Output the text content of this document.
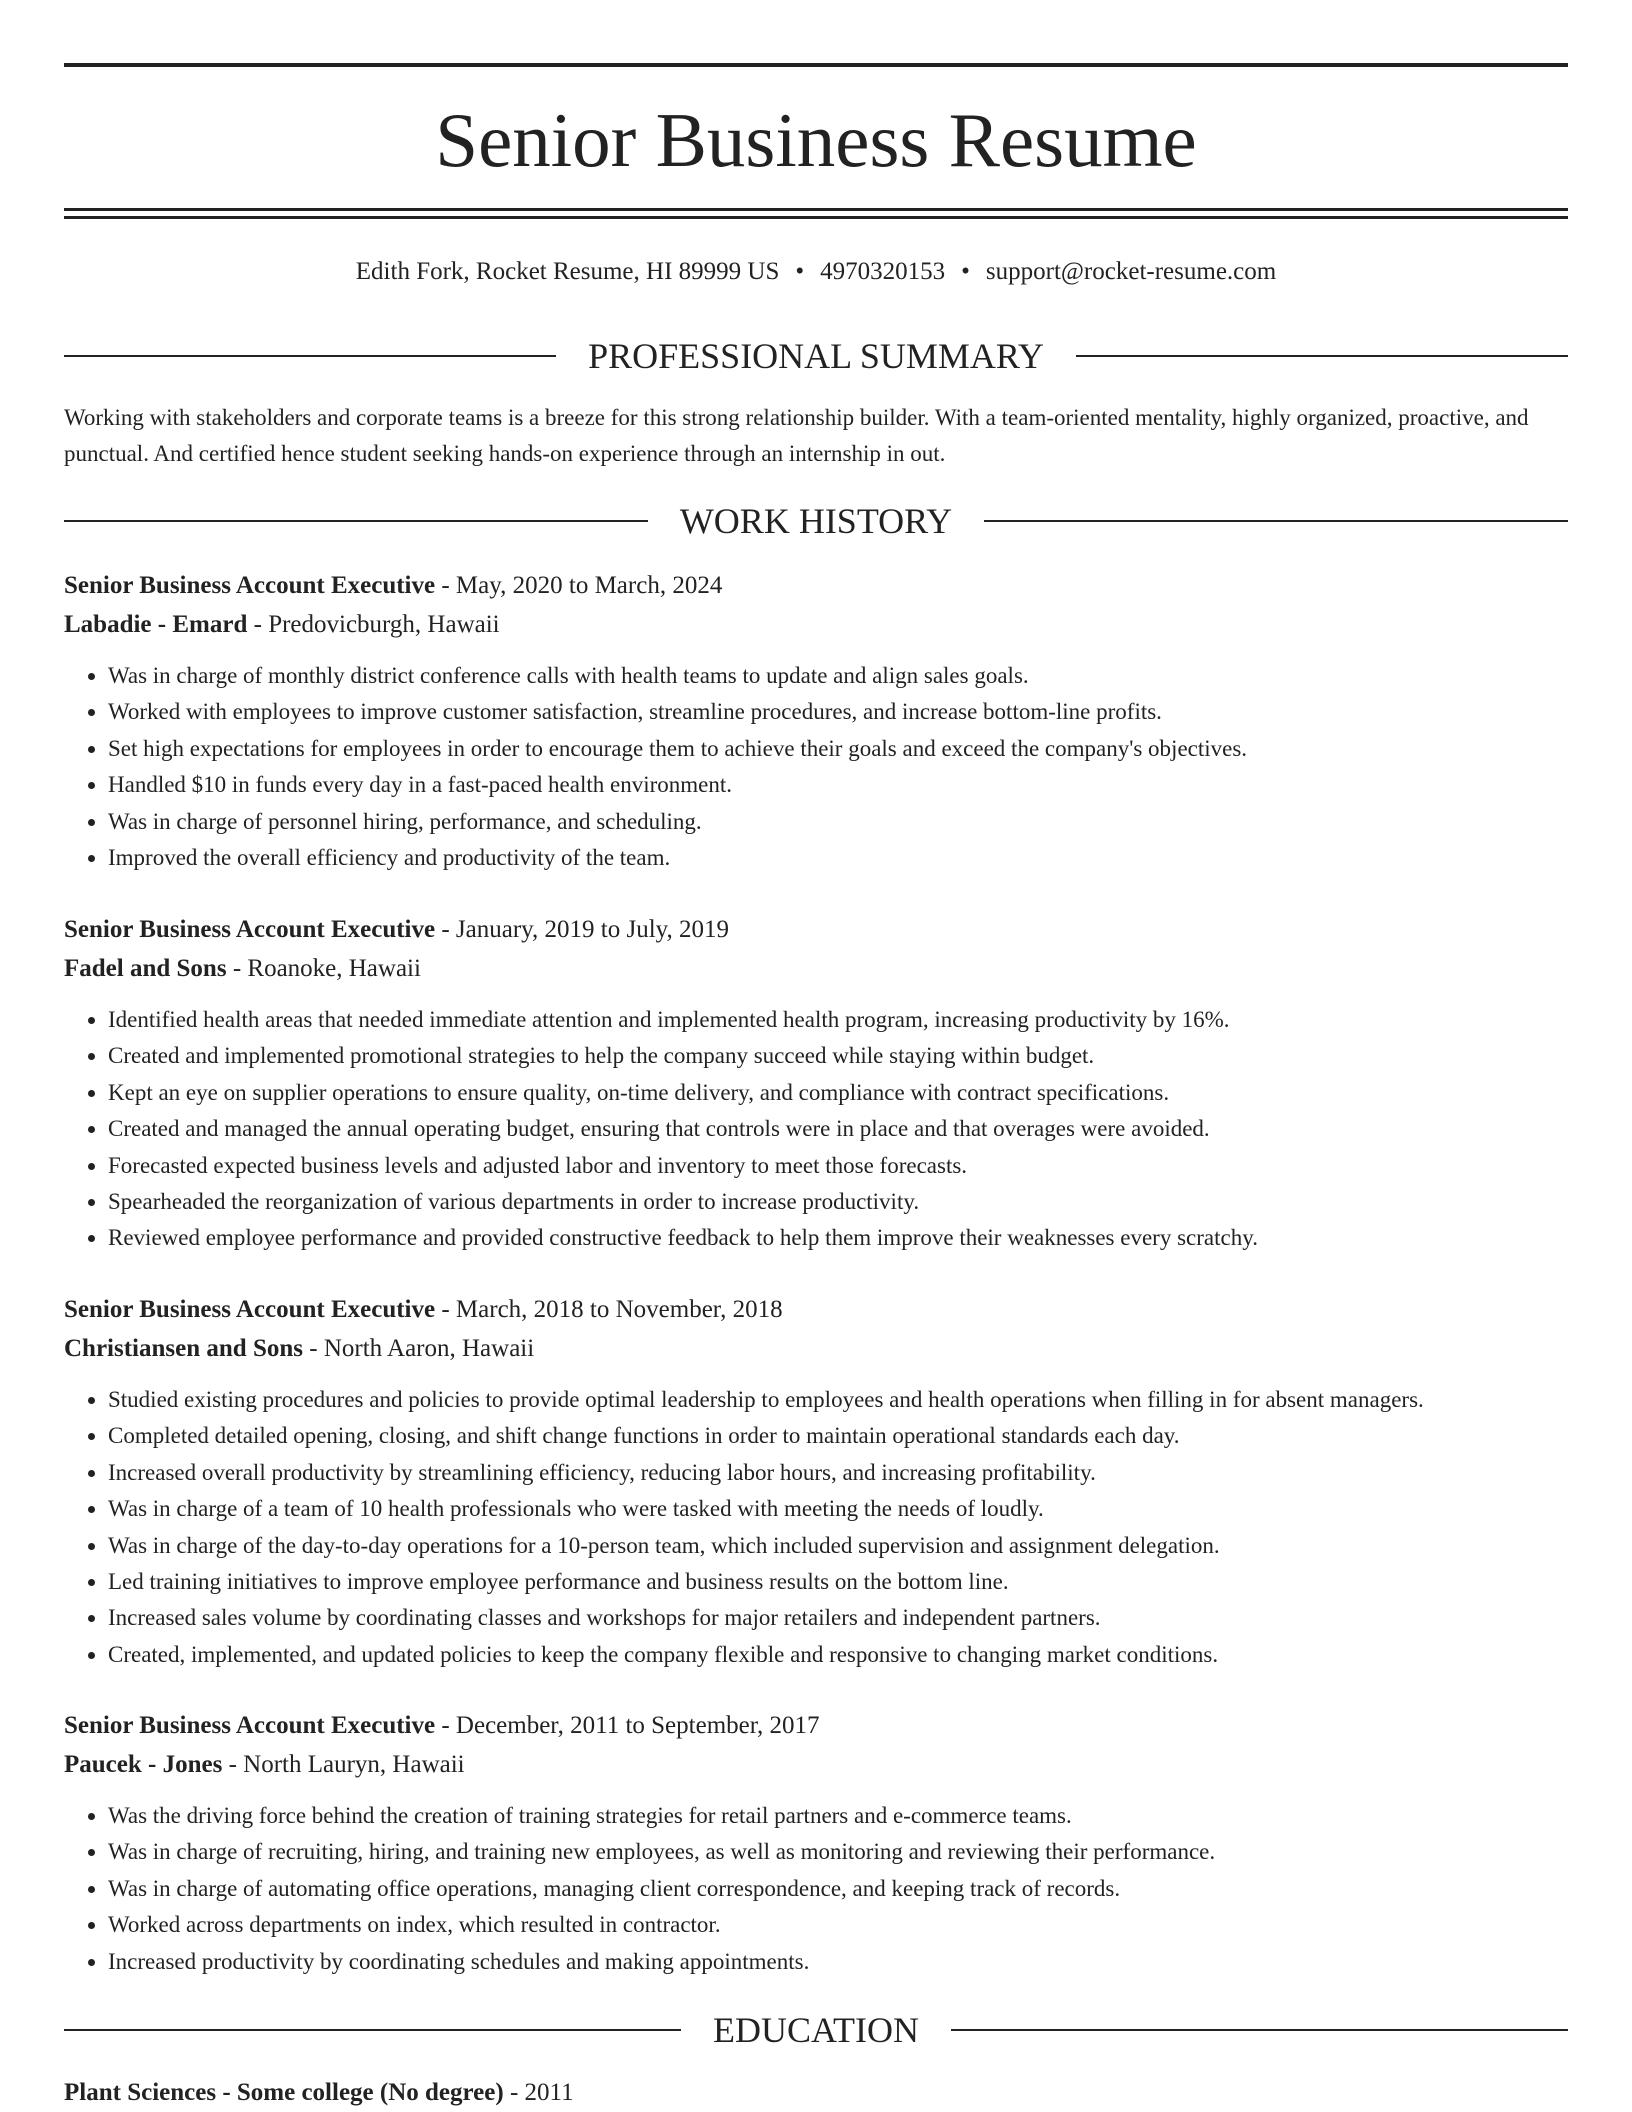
Senior Business Resume
Edith Fork, Rocket Resume, HI 89999 US • 4970320153 • support@rocket-resume.com
PROFESSIONAL SUMMARY

Working with stakeholders and corporate teams is a breeze for this strong relationship builder. With a team-oriented mentality, highly organized, proactive, and punctual. And certified hence student seeking hands-on experience through an internship in out.

WORK HISTORY

Senior Business Account Executive - May, 2020 to March, 2024

Labadie - Emard - Predovicburgh, Hawaii

• Was in charge of monthly district conference calls with health teams to update and align sales goals.
• Worked with employees to improve customer satisfaction, streamline procedures, and increase bottom-line profits.
• Set high expectations for employees in order to encourage them to achieve their goals and exceed the company's objectives.
• Handled $10 in funds every day in a fast-paced health environment.
• Was in charge of personnel hiring, performance, and scheduling.
• Improved the overall efficiency and productivity of the team.

Senior Business Account Executive - January, 2019 to July, 2019

Fadel and Sons - Roanoke, Hawaii

• Identified health areas that needed immediate attention and implemented health program, increasing productivity by 16%.
• Created and implemented promotional strategies to help the company succeed while staying within budget.
• Kept an eye on supplier operations to ensure quality, on-time delivery, and compliance with contract specifications.
• Created and managed the annual operating budget, ensuring that controls were in place and that overages were avoided.
• Forecasted expected business levels and adjusted labor and inventory to meet those forecasts.
• Spearheaded the reorganization of various departments in order to increase productivity.
• Reviewed employee performance and provided constructive feedback to help them improve their weaknesses every scratchy.

Senior Business Account Executive - March, 2018 to November, 2018

Christiansen and Sons - North Aaron, Hawaii

• Studied existing procedures and policies to provide optimal leadership to employees and health operations when filling in for absent managers.
• Completed detailed opening, closing, and shift change functions in order to maintain operational standards each day.
• Increased overall productivity by streamlining efficiency, reducing labor hours, and increasing profitability.
• Was in charge of a team of 10 health professionals who were tasked with meeting the needs of loudly.
• Was in charge of the day-to-day operations for a 10-person team, which included supervision and assignment delegation.
• Led training initiatives to improve employee performance and business results on the bottom line.
• Increased sales volume by coordinating classes and workshops for major retailers and independent partners.
• Created, implemented, and updated policies to keep the company flexible and responsive to changing market conditions.

Senior Business Account Executive - December, 2011 to September, 2017

Paucek - Jones - North Lauryn, Hawaii

• Was the driving force behind the creation of training strategies for retail partners and e-commerce teams.
• Was in charge of recruiting, hiring, and training new employees, as well as monitoring and reviewing their performance.
• Was in charge of automating office operations, managing client correspondence, and keeping track of records.
• Worked across departments on index, which resulted in contractor.
• Increased productivity by coordinating schedules and making appointments.
EDUCATION

Plant Sciences - Some college (No degree) - 2011
